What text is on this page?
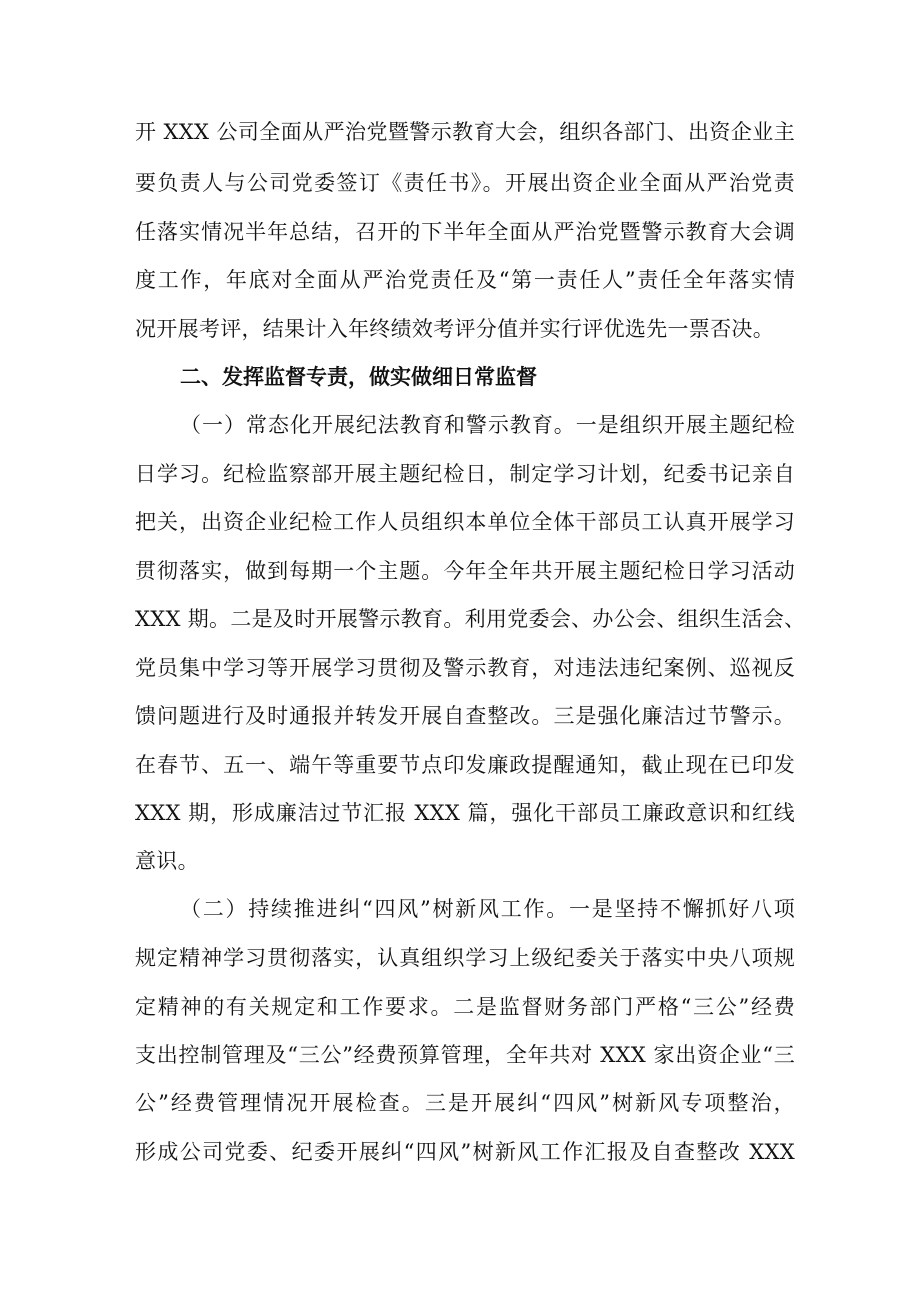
开 XXX 公司全面从严治党暨警示教育大会，组织各部门、出资企业主
要负责人与公司党委签订《责任书》。开展出资企业全面从严治党责
任落实情况半年总结，召开的下半年全面从严治党暨警示教育大会调
度工作，年底对全面从严治党责任及“第一责任人”责任全年落实情
况开展考评，结果计入年终绩效考评分值并实行评优选先一票否决。
二、发挥监督专责，做实做细日常监督
（一）常态化开展纪法教育和警示教育。一是组织开展主题纪检
日学习。纪检监察部开展主题纪检日，制定学习计划，纪委书记亲自
把关，出资企业纪检工作人员组织本单位全体干部员工认真开展学习
贯彻落实，做到每期一个主题。今年全年共开展主题纪检日学习活动
XXX 期。二是及时开展警示教育。利用党委会、办公会、组织生活会、
党员集中学习等开展学习贯彻及警示教育，对违法违纪案例、巡视反
馈问题进行及时通报并转发开展自查整改。三是强化廉洁过节警示。
在春节、五一、端午等重要节点印发廉政提醒通知，截止现在已印发
XXX 期，形成廉洁过节汇报 XXX 篇，强化干部员工廉政意识和红线
意识。
（二）持续推进纠“四风”树新风工作。一是坚持不懈抓好八项
规定精神学习贯彻落实，认真组织学习上级纪委关于落实中央八项规
定精神的有关规定和工作要求。二是监督财务部门严格“三公”经费
支出控制管理及“三公”经费预算管理，全年共对 XXX 家出资企业“三
公”经费管理情况开展检查。三是开展纠“四风”树新风专项整治，
形成公司党委、纪委开展纠“四风”树新风工作汇报及自查整改 XXX
